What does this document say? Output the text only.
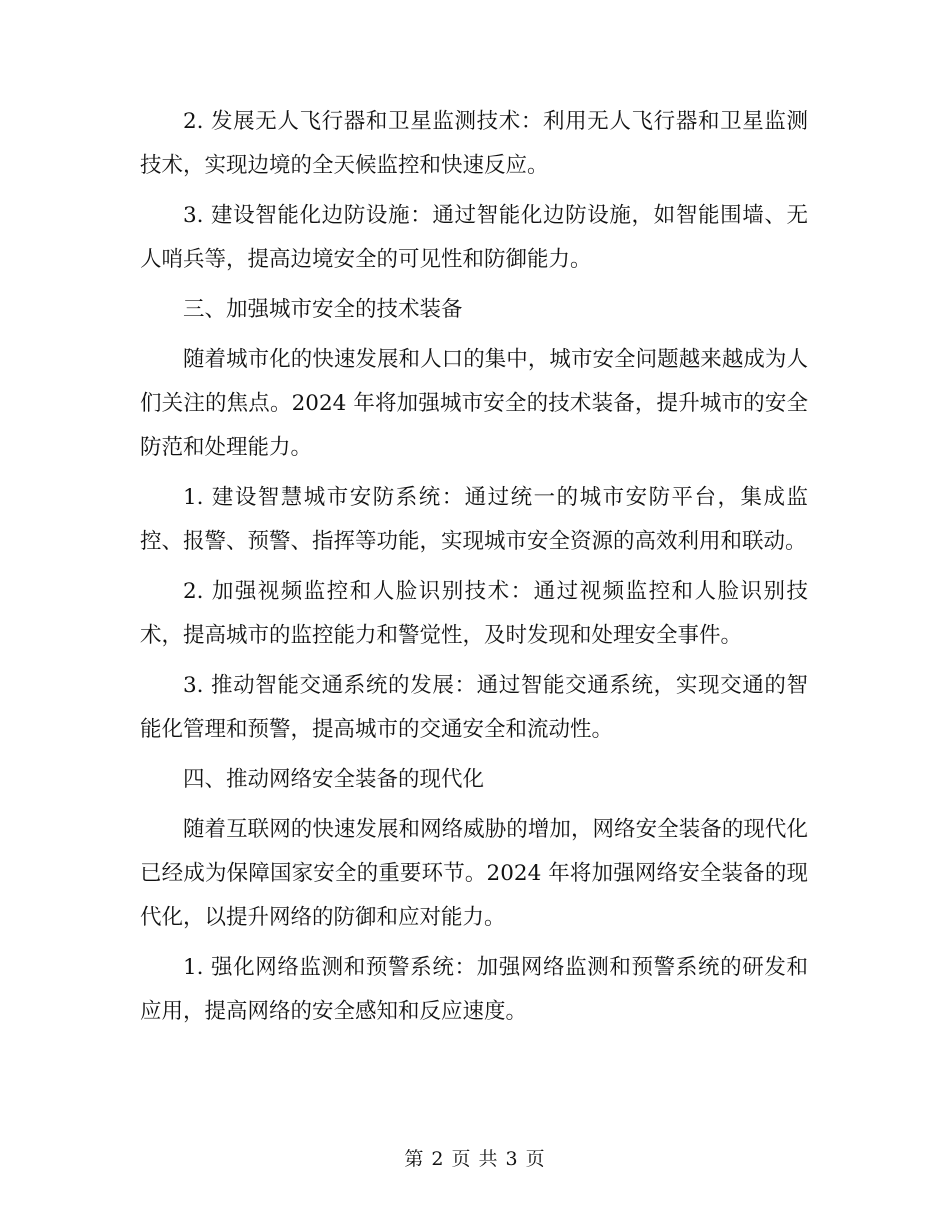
2. 发展无人飞行器和卫星监测技术：利用无人飞行器和卫星监测技术，实现边境的全天候监控和快速反应。

3. 建设智能化边防设施：通过智能化边防设施，如智能围墙、无人哨兵等，提高边境安全的可见性和防御能力。

三、加强城市安全的技术装备

随着城市化的快速发展和人口的集中，城市安全问题越来越成为人们关注的焦点。2024 年将加强城市安全的技术装备，提升城市的安全防范和处理能力。

1. 建设智慧城市安防系统：通过统一的城市安防平台，集成监控、报警、预警、指挥等功能，实现城市安全资源的高效利用和联动。

2. 加强视频监控和人脸识别技术：通过视频监控和人脸识别技术，提高城市的监控能力和警觉性，及时发现和处理安全事件。

3. 推动智能交通系统的发展：通过智能交通系统，实现交通的智能化管理和预警，提高城市的交通安全和流动性。

四、推动网络安全装备的现代化

随着互联网的快速发展和网络威胁的增加，网络安全装备的现代化已经成为保障国家安全的重要环节。2024 年将加强网络安全装备的现代化，以提升网络的防御和应对能力。

1. 强化网络监测和预警系统：加强网络监测和预警系统的研发和应用，提高网络的安全感知和反应速度。

第 2 页 共 3 页
